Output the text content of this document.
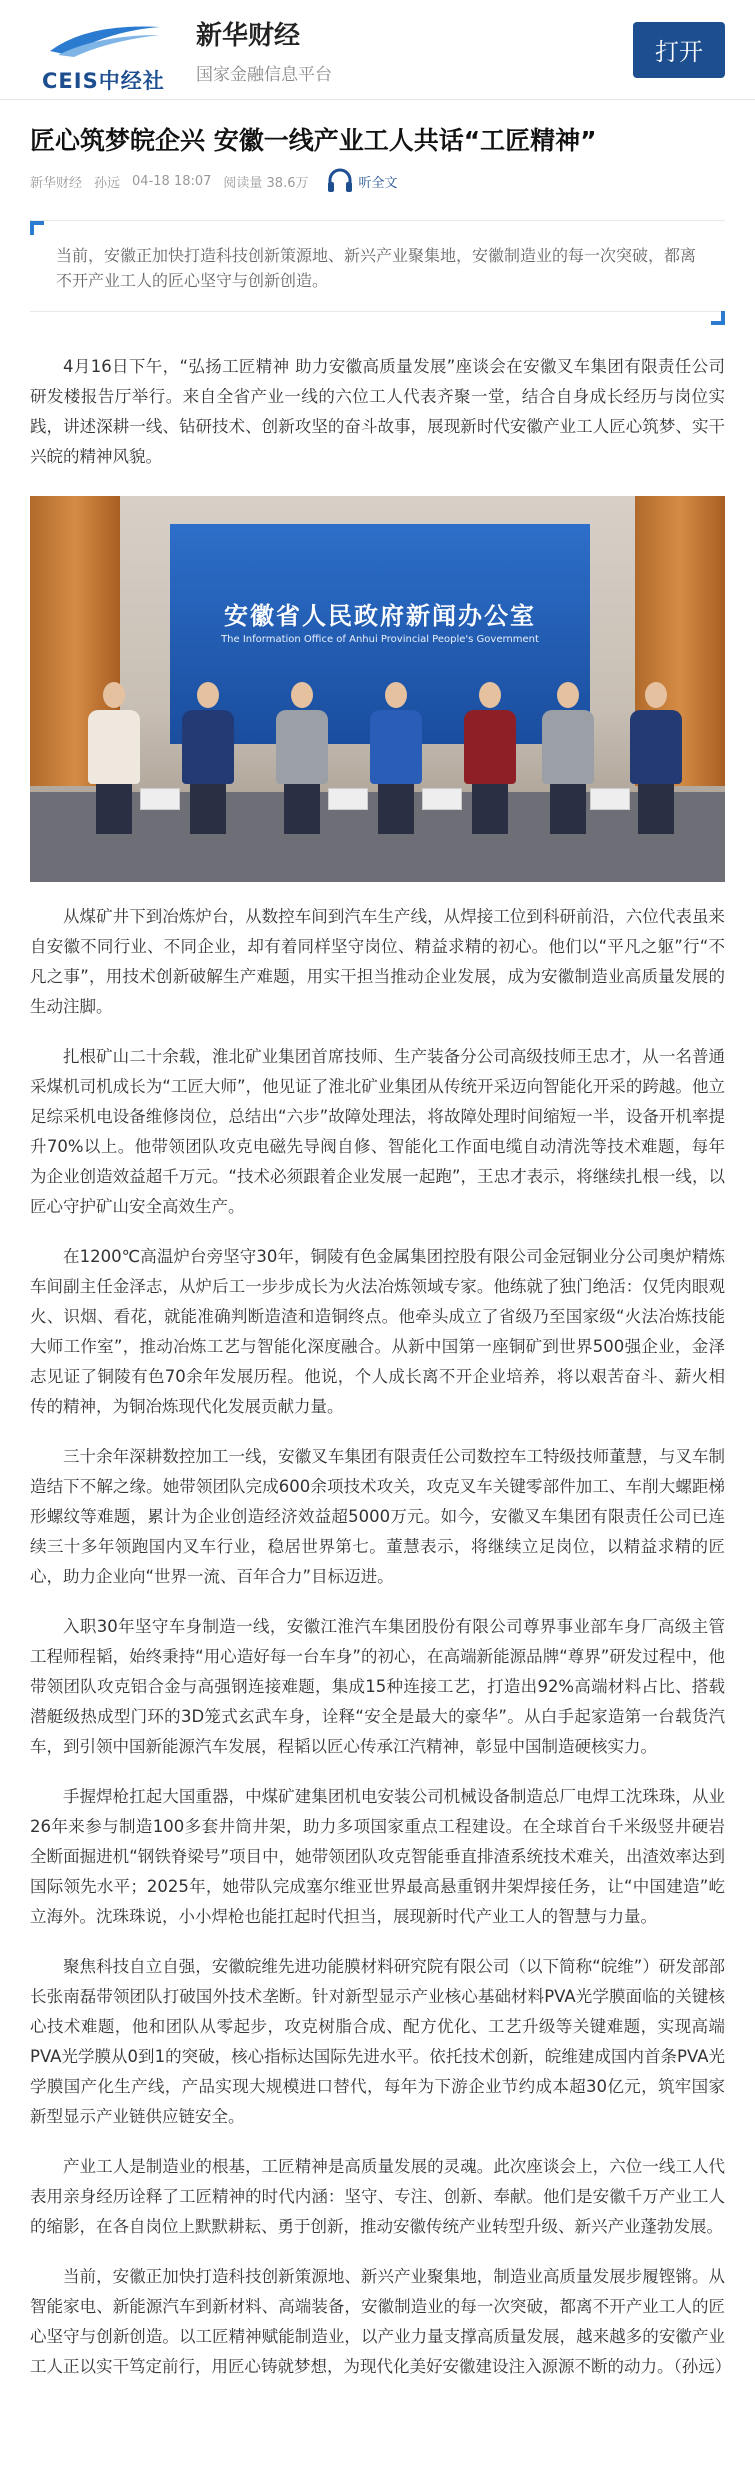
CEIS中经社
新华财经
国家金融信息平台
打开
匠心筑梦皖企兴 安徽一线产业工人共话“工匠精神”
新华财经 孙远 04-18 18:07 阅读量 38.6万	听全文

当前，安徽正加快打造科技创新策源地、新兴产业聚集地，安徽制造业的每一次突破，都离不开产业工人的匠心坚守与创新创造。

4月16日下午，“弘扬工匠精神 助力安徽高质量发展”座谈会在安徽叉车集团有限责任公司研发楼报告厅举行。来自全省产业一线的六位工人代表齐聚一堂，结合自身成长经历与岗位实践，讲述深耕一线、钻研技术、创新攻坚的奋斗故事，展现新时代安徽产业工人匠心筑梦、实干兴皖的精神风貌。

安徽省人民政府新闻办公室
The Information Office of Anhui Provincial People's Government

从煤矿井下到冶炼炉台，从数控车间到汽车生产线，从焊接工位到科研前沿，六位代表虽来自安徽不同行业、不同企业，却有着同样坚守岗位、精益求精的初心。他们以“平凡之躯”行“不凡之事”，用技术创新破解生产难题，用实干担当推动企业发展，成为安徽制造业高质量发展的生动注脚。

扎根矿山二十余载，淮北矿业集团首席技师、生产装备分公司高级技师王忠才，从一名普通采煤机司机成长为“工匠大师”，他见证了淮北矿业集团从传统开采迈向智能化开采的跨越。他立足综采机电设备维修岗位，总结出“六步”故障处理法，将故障处理时间缩短一半，设备开机率提升70%以上。他带领团队攻克电磁先导阀自修、智能化工作面电缆自动清洗等技术难题，每年为企业创造效益超千万元。“技术必须跟着企业发展一起跑”，王忠才表示，将继续扎根一线，以匠心守护矿山安全高效生产。

在1200℃高温炉台旁坚守30年，铜陵有色金属集团控股有限公司金冠铜业分公司奥炉精炼车间副主任金泽志，从炉后工一步步成长为火法冶炼领域专家。他练就了独门绝活：仅凭肉眼观火、识烟、看花，就能准确判断造渣和造铜终点。他牵头成立了省级乃至国家级“火法冶炼技能大师工作室”，推动冶炼工艺与智能化深度融合。从新中国第一座铜矿到世界500强企业，金泽志见证了铜陵有色70余年发展历程。他说，个人成长离不开企业培养，将以艰苦奋斗、薪火相传的精神，为铜冶炼现代化发展贡献力量。

三十余年深耕数控加工一线，安徽叉车集团有限责任公司数控车工特级技师董慧，与叉车制造结下不解之缘。她带领团队完成600余项技术攻关，攻克叉车关键零部件加工、车削大螺距梯形螺纹等难题，累计为企业创造经济效益超5000万元。如今，安徽叉车集团有限责任公司已连续三十多年领跑国内叉车行业，稳居世界第七。董慧表示，将继续立足岗位，以精益求精的匠心，助力企业向“世界一流、百年合力”目标迈进。

入职30年坚守车身制造一线，安徽江淮汽车集团股份有限公司尊界事业部车身厂高级主管工程师程韬，始终秉持“用心造好每一台车身”的初心，在高端新能源品牌“尊界”研发过程中，他带领团队攻克铝合金与高强钢连接难题，集成15种连接工艺，打造出92%高端材料占比、搭载潜艇级热成型门环的3D笼式玄武车身，诠释“安全是最大的豪华”。从白手起家造第一台载货汽车，到引领中国新能源汽车发展，程韬以匠心传承江汽精神，彰显中国制造硬核实力。

手握焊枪扛起大国重器，中煤矿建集团机电安装公司机械设备制造总厂电焊工沈珠珠，从业26年来参与制造100多套井筒井架，助力多项国家重点工程建设。在全球首台千米级竖井硬岩全断面掘进机“钢铁脊梁号”项目中，她带领团队攻克智能垂直排渣系统技术难关，出渣效率达到国际领先水平；2025年，她带队完成塞尔维亚世界最高悬重钢井架焊接任务，让“中国建造”屹立海外。沈珠珠说，小小焊枪也能扛起时代担当，展现新时代产业工人的智慧与力量。

聚焦科技自立自强，安徽皖维先进功能膜材料研究院有限公司（以下简称“皖维”）研发部部长张南磊带领团队打破国外技术垄断。针对新型显示产业核心基础材料PVA光学膜面临的关键核心技术难题，他和团队从零起步，攻克树脂合成、配方优化、工艺升级等关键难题，实现高端PVA光学膜从0到1的突破，核心指标达国际先进水平。依托技术创新，皖维建成国内首条PVA光学膜国产化生产线，产品实现大规模进口替代，每年为下游企业节约成本超30亿元，筑牢国家新型显示产业链供应链安全。

产业工人是制造业的根基，工匠精神是高质量发展的灵魂。此次座谈会上，六位一线工人代表用亲身经历诠释了工匠精神的时代内涵：坚守、专注、创新、奉献。他们是安徽千万产业工人的缩影，在各自岗位上默默耕耘、勇于创新，推动安徽传统产业转型升级、新兴产业蓬勃发展。

当前，安徽正加快打造科技创新策源地、新兴产业聚集地，制造业高质量发展步履铿锵。从智能家电、新能源汽车到新材料、高端装备，安徽制造业的每一次突破，都离不开产业工人的匠心坚守与创新创造。以工匠精神赋能制造业，以产业力量支撑高质量发展，越来越多的安徽产业工人正以实干笃定前行，用匠心铸就梦想，为现代化美好安徽建设注入源源不断的动力。（孙远）
